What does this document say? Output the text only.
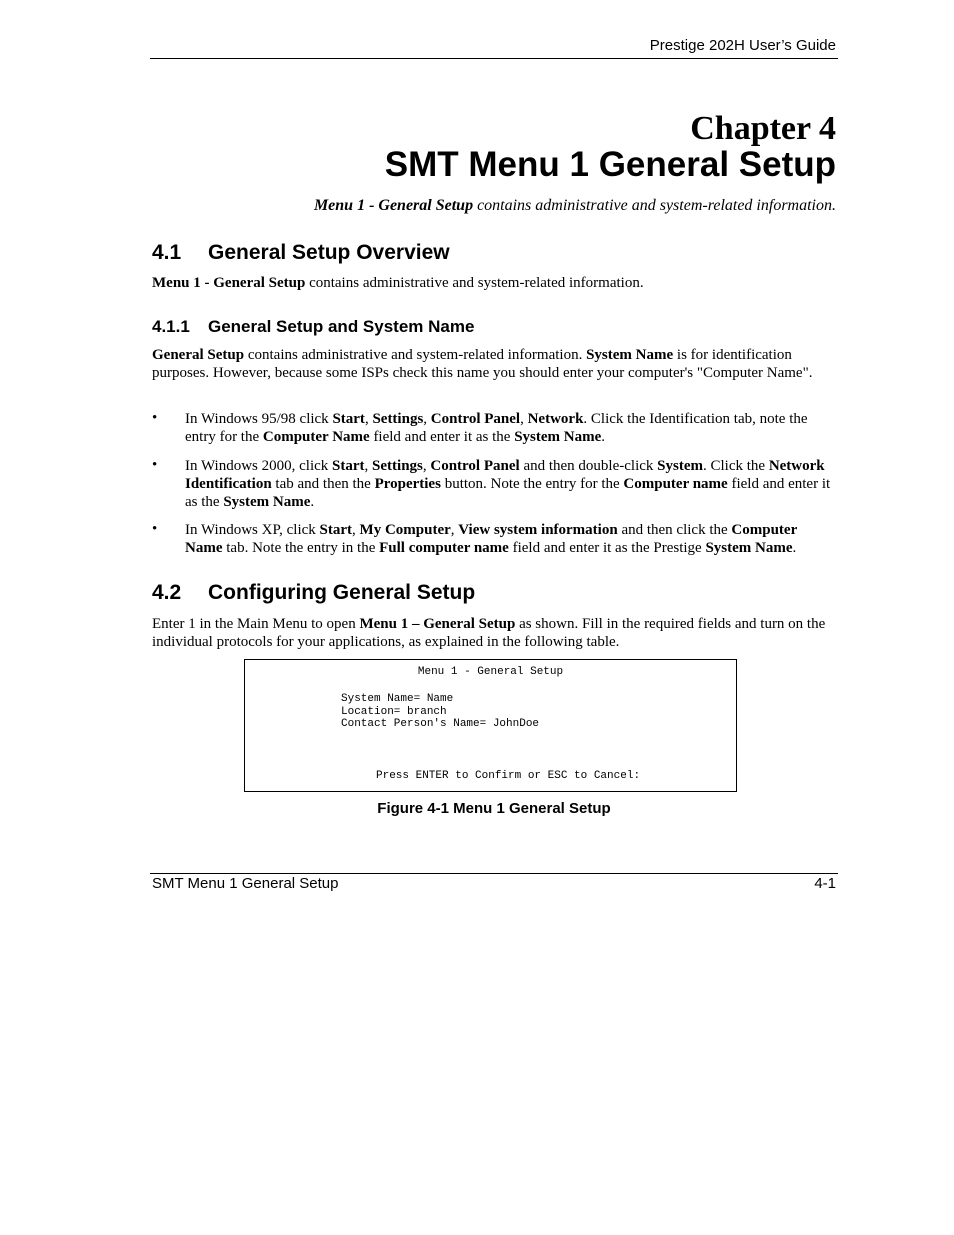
Prestige 202H User’s Guide
Chapter 4
SMT Menu 1 General Setup
Menu 1 - General Setup contains administrative and system-related information.
4.1 General Setup Overview
Menu 1 - General Setup contains administrative and system-related information.
4.1.1 General Setup and System Name
General Setup contains administrative and system-related information. System Name is for identification purposes. However, because some ISPs check this name you should enter your computer's "Computer Name".
• In Windows 95/98 click Start, Settings, Control Panel, Network. Click the Identification tab, note the entry for the Computer Name field and enter it as the System Name.
• In Windows 2000, click Start, Settings, Control Panel and then double-click System. Click the Network Identification tab and then the Properties button. Note the entry for the Computer name field and enter it as the System Name.
• In Windows XP, click Start, My Computer, View system information and then click the Computer Name tab. Note the entry in the Full computer name field and enter it as the Prestige System Name.
4.2 Configuring General Setup
Enter 1 in the Main Menu to open Menu 1 – General Setup as shown. Fill in the required fields and turn on the individual protocols for your applications, as explained in the following table.
Menu 1 - General Setup
System Name= Name
Location= branch
Contact Person's Name= JohnDoe
Press ENTER to Confirm or ESC to Cancel:
Figure 4-1 Menu 1 General Setup
SMT Menu 1 General Setup	4-1
